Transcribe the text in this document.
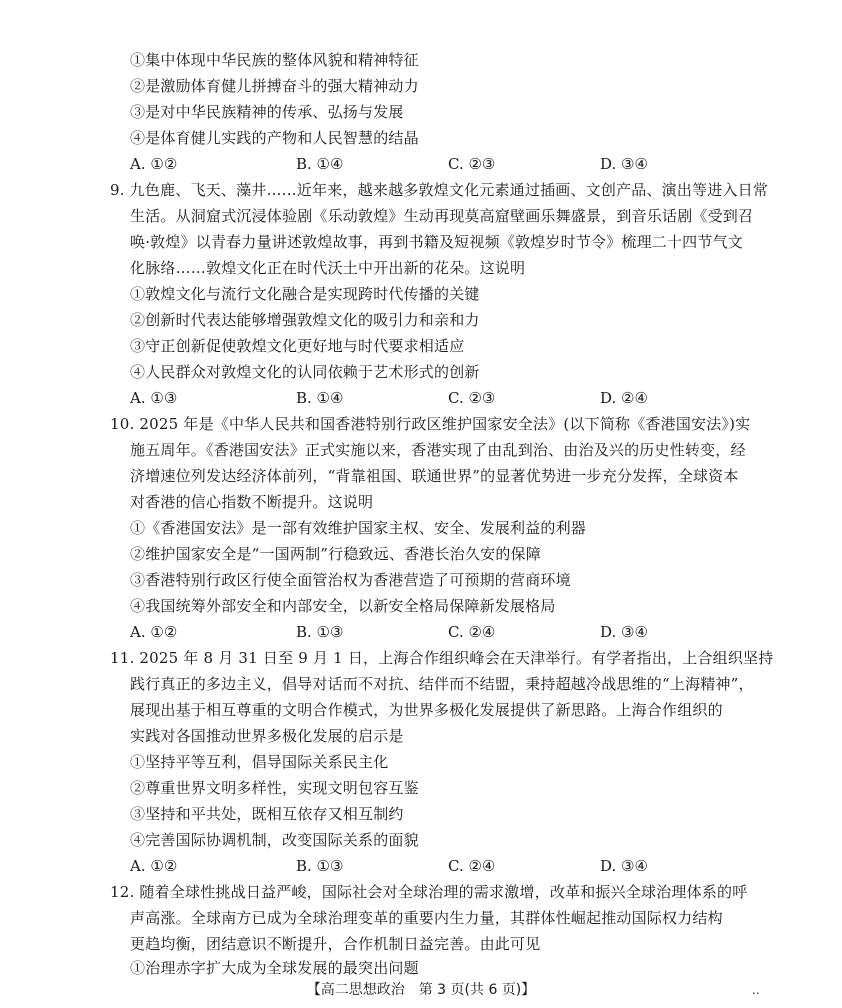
①集中体现中华民族的整体风貌和精神特征
②是激励体育健儿拼搏奋斗的强大精神动力
③是对中华民族精神的传承、弘扬与发展
④是体育健儿实践的产物和人民智慧的结晶
A. ①②	B. ①④	C. ②③	D. ③④
9. 九色鹿、飞天、藻井……近年来，越来越多敦煌文化元素通过插画、文创产品、演出等进入日常
生活。从洞窟式沉浸体验剧《乐动敦煌》生动再现莫高窟壁画乐舞盛景，到音乐话剧《受到召
唤·敦煌》以青春力量讲述敦煌故事，再到书籍及短视频《敦煌岁时节令》梳理二十四节气文
化脉络……敦煌文化正在时代沃土中开出新的花朵。这说明
①敦煌文化与流行文化融合是实现跨时代传播的关键
②创新时代表达能够增强敦煌文化的吸引力和亲和力
③守正创新促使敦煌文化更好地与时代要求相适应
④人民群众对敦煌文化的认同依赖于艺术形式的创新
A. ①③	B. ①④	C. ②③	D. ②④
10. 2025 年是《中华人民共和国香港特别行政区维护国家安全法》(以下简称《香港国安法》)实
施五周年。《香港国安法》正式实施以来，香港实现了由乱到治、由治及兴的历史性转变，经
济增速位列发达经济体前列，“背靠祖国、联通世界”的显著优势进一步充分发挥，全球资本
对香港的信心指数不断提升。这说明
①《香港国安法》是一部有效维护国家主权、安全、发展利益的利器
②维护国家安全是“一国两制”行稳致远、香港长治久安的保障
③香港特别行政区行使全面管治权为香港营造了可预期的营商环境
④我国统筹外部安全和内部安全，以新安全格局保障新发展格局
A. ①②	B. ①③	C. ②④	D. ③④
11. 2025 年 8 月 31 日至 9 月 1 日，上海合作组织峰会在天津举行。有学者指出，上合组织坚持
践行真正的多边主义，倡导对话而不对抗、结伴而不结盟，秉持超越冷战思维的“上海精神”，
展现出基于相互尊重的文明合作模式，为世界多极化发展提供了新思路。上海合作组织的
实践对各国推动世界多极化发展的启示是
①坚持平等互利，倡导国际关系民主化
②尊重世界文明多样性，实现文明包容互鉴
③坚持和平共处，既相互依存又相互制约
④完善国际协调机制，改变国际关系的面貌
A. ①②	B. ①③	C. ②④	D. ③④
12. 随着全球性挑战日益严峻，国际社会对全球治理的需求激增，改革和振兴全球治理体系的呼
声高涨。全球南方已成为全球治理变革的重要内生力量，其群体性崛起推动国际权力结构
更趋均衡，团结意识不断提升，合作机制日益完善。由此可见
①治理赤字扩大成为全球发展的最突出问题
【高二思想政治　第 3 页(共 6 页)】	..
